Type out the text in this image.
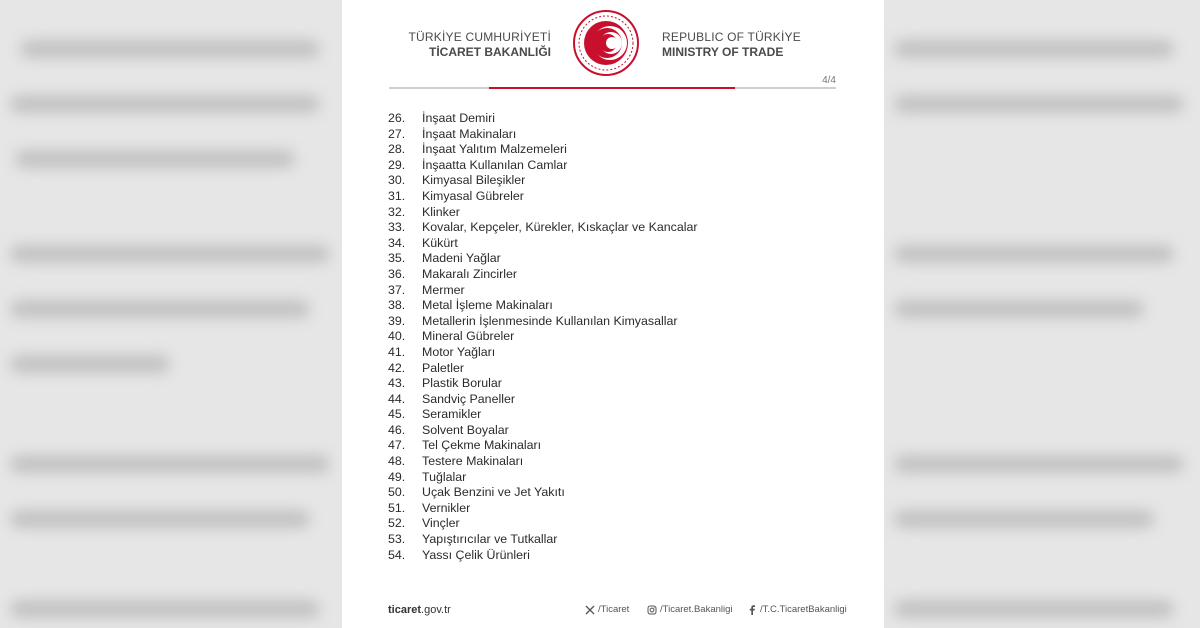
TÜRKİYE CUMHURİYETİ
TİCARET BAKANLIĞI
REPUBLIC OF TÜRKİYE
MINISTRY OF TRADE
4/4
26. İnşaat Demiri
27. İnşaat Makinaları
28. İnşaat Yalıtım Malzemeleri
29. İnşaatta Kullanılan Camlar
30. Kimyasal Bileşikler
31. Kimyasal Gübreler
32. Klinker
33. Kovalar, Kepçeler, Kürekler, Kıskaçlar ve Kancalar
34. Kükürt
35. Madeni Yağlar
36. Makaralı Zincirler
37. Mermer
38. Metal İşleme Makinaları
39. Metallerin İşlenmesinde Kullanılan Kimyasallar
40. Mineral Gübreler
41. Motor Yağları
42. Paletler
43. Plastik Borular
44. Sandviç Paneller
45. Seramikler
46. Solvent Boyalar
47. Tel Çekme Makinaları
48. Testere Makinaları
49. Tuğlalar
50. Uçak Benzini ve Jet Yakıtı
51. Vernikler
52. Vinçler
53. Yapıştırıcılar ve Tutkallar
54. Yassı Çelik Ürünleri
ticaret.gov.tr	/Ticaret	/Ticaret.Bakanligi	/T.C.TicaretBakanligi
